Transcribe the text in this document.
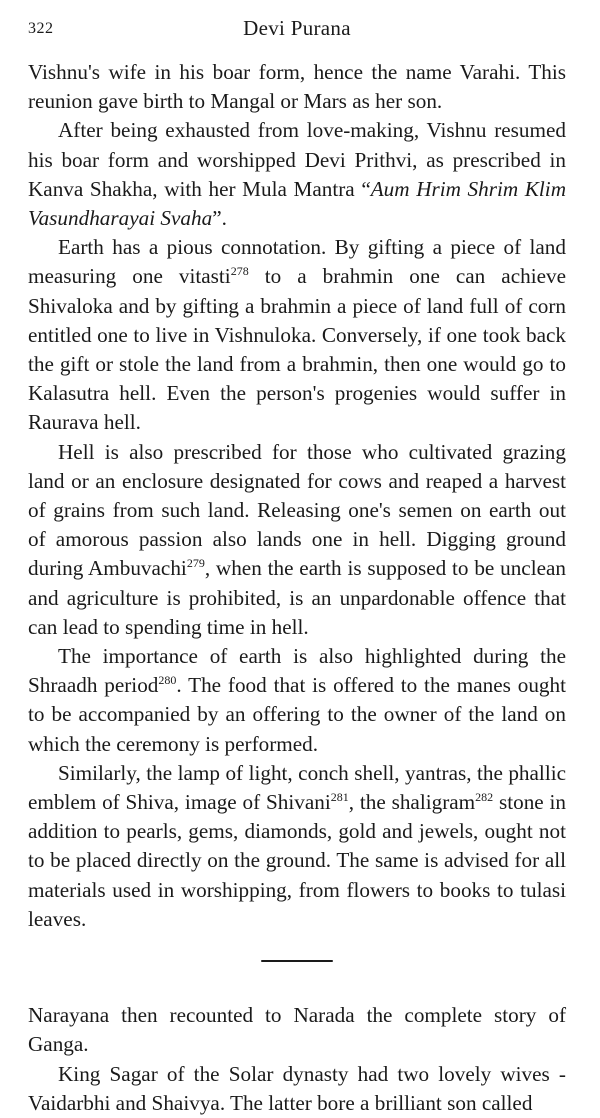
322	Devi Purana

Vishnu's wife in his boar form, hence the name Varahi. This reunion gave birth to Mangal or Mars as her son.

After being exhausted from love-making, Vishnu resumed his boar form and worshipped Devi Prithvi, as prescribed in Kanva Shakha, with her Mula Mantra “Aum Hrim Shrim Klim Vasundharayai Svaha”.

Earth has a pious connotation. By gifting a piece of land measuring one vitasti$^{278}$ to a brahmin one can achieve Shivaloka and by gifting a brahmin a piece of land full of corn entitled one to live in Vishnuloka. Conversely, if one took back the gift or stole the land from a brahmin, then one would go to Kalasutra hell. Even the person's progenies would suffer in Raurava hell.

Hell is also prescribed for those who cultivated grazing land or an enclosure designated for cows and reaped a harvest of grains from such land. Releasing one's semen on earth out of amorous passion also lands one in hell. Digging ground during Ambuvachi$^{279}$, when the earth is supposed to be unclean and agriculture is prohibited, is an unpardonable offence that can lead to spending time in hell.

The importance of earth is also highlighted during the Shraadh period$^{280}$. The food that is offered to the manes ought to be accompanied by an offering to the owner of the land on which the ceremony is performed.

Similarly, the lamp of light, conch shell, yantras, the phallic emblem of Shiva, image of Shivani$^{281}$, the shaligram$^{282}$ stone in addition to pearls, gems, diamonds, gold and jewels, ought not to be placed directly on the ground. The same is advised for all materials used in worshipping, from flowers to books to tulasi leaves.

Narayana then recounted to Narada the complete story of Ganga.

King Sagar of the Solar dynasty had two lovely wives - Vaidarbhi and Shaivya. The latter bore a brilliant son called
